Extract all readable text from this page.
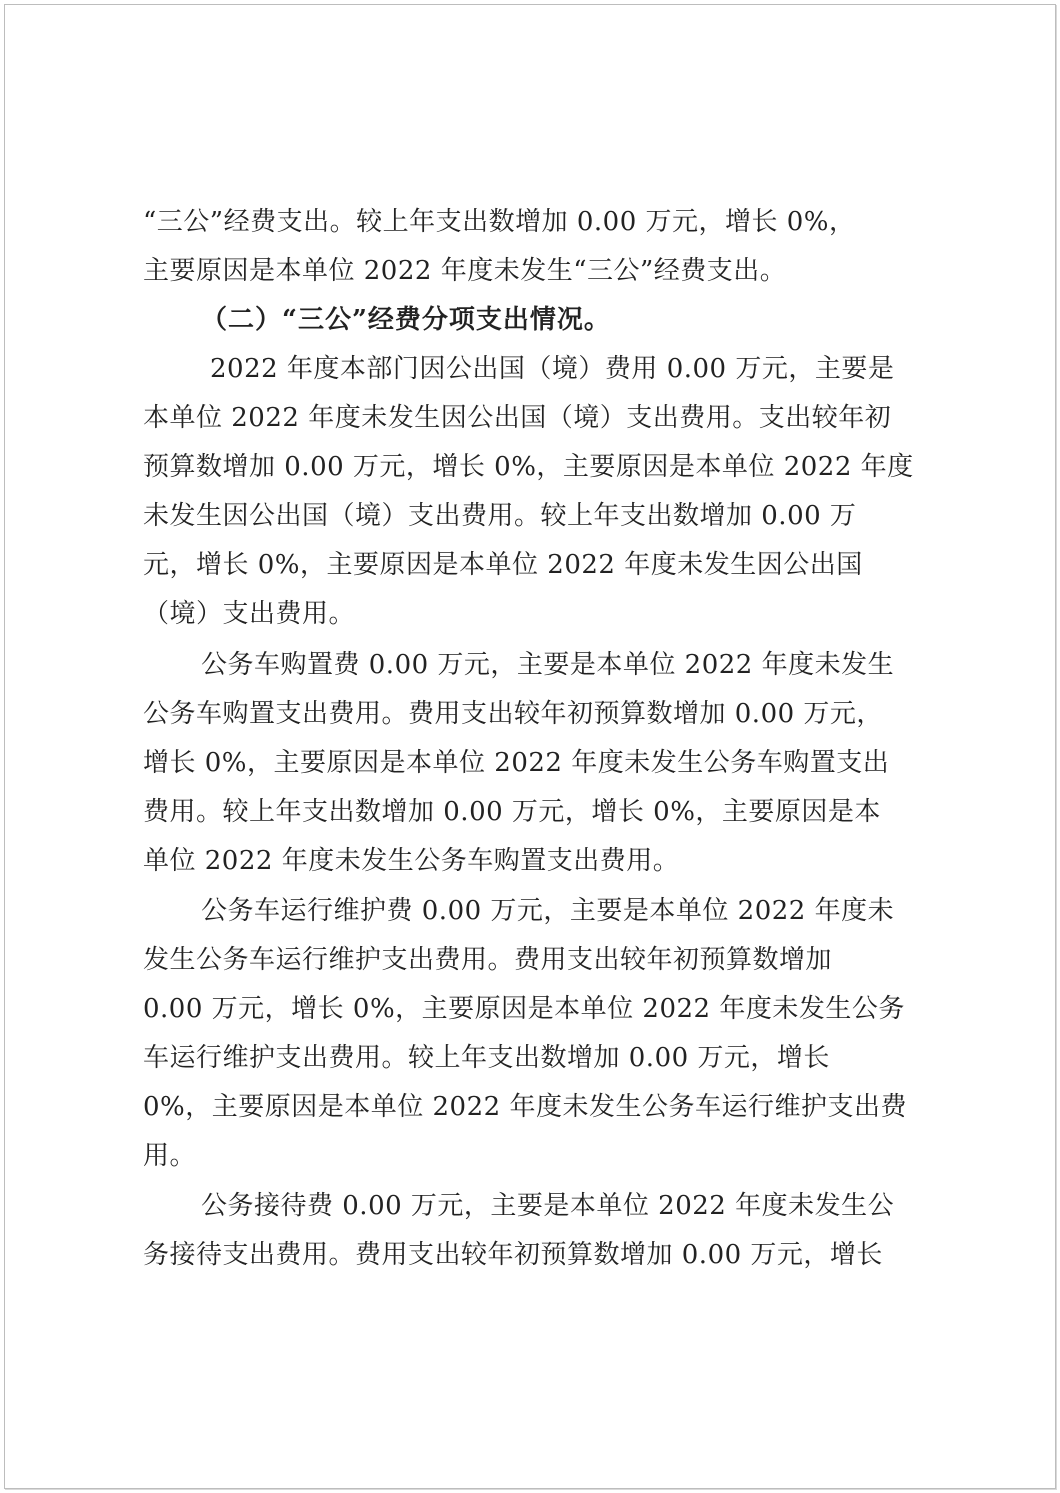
“三公”经费支出。较上年支出数增加 0.00 万元，增长 0%，
主要原因是本单位 2022 年度未发生“三公”经费支出。
（二）“三公”经费分项支出情况。
2022 年度本部门因公出国（境）费用 0.00 万元，主要是
本单位 2022 年度未发生因公出国（境）支出费用。支出较年初
预算数增加 0.00 万元，增长 0%，主要原因是本单位 2022 年度
未发生因公出国（境）支出费用。较上年支出数增加 0.00 万
元，增长 0%，主要原因是本单位 2022 年度未发生因公出国
（境）支出费用。
公务车购置费 0.00 万元，主要是本单位 2022 年度未发生
公务车购置支出费用。费用支出较年初预算数增加 0.00 万元，
增长 0%，主要原因是本单位 2022 年度未发生公务车购置支出
费用。较上年支出数增加 0.00 万元，增长 0%，主要原因是本
单位 2022 年度未发生公务车购置支出费用。
公务车运行维护费 0.00 万元，主要是本单位 2022 年度未
发生公务车运行维护支出费用。费用支出较年初预算数增加
0.00 万元，增长 0%，主要原因是本单位 2022 年度未发生公务
车运行维护支出费用。较上年支出数增加 0.00 万元，增长
0%，主要原因是本单位 2022 年度未发生公务车运行维护支出费
用。
公务接待费 0.00 万元，主要是本单位 2022 年度未发生公
务接待支出费用。费用支出较年初预算数增加 0.00 万元，增长
